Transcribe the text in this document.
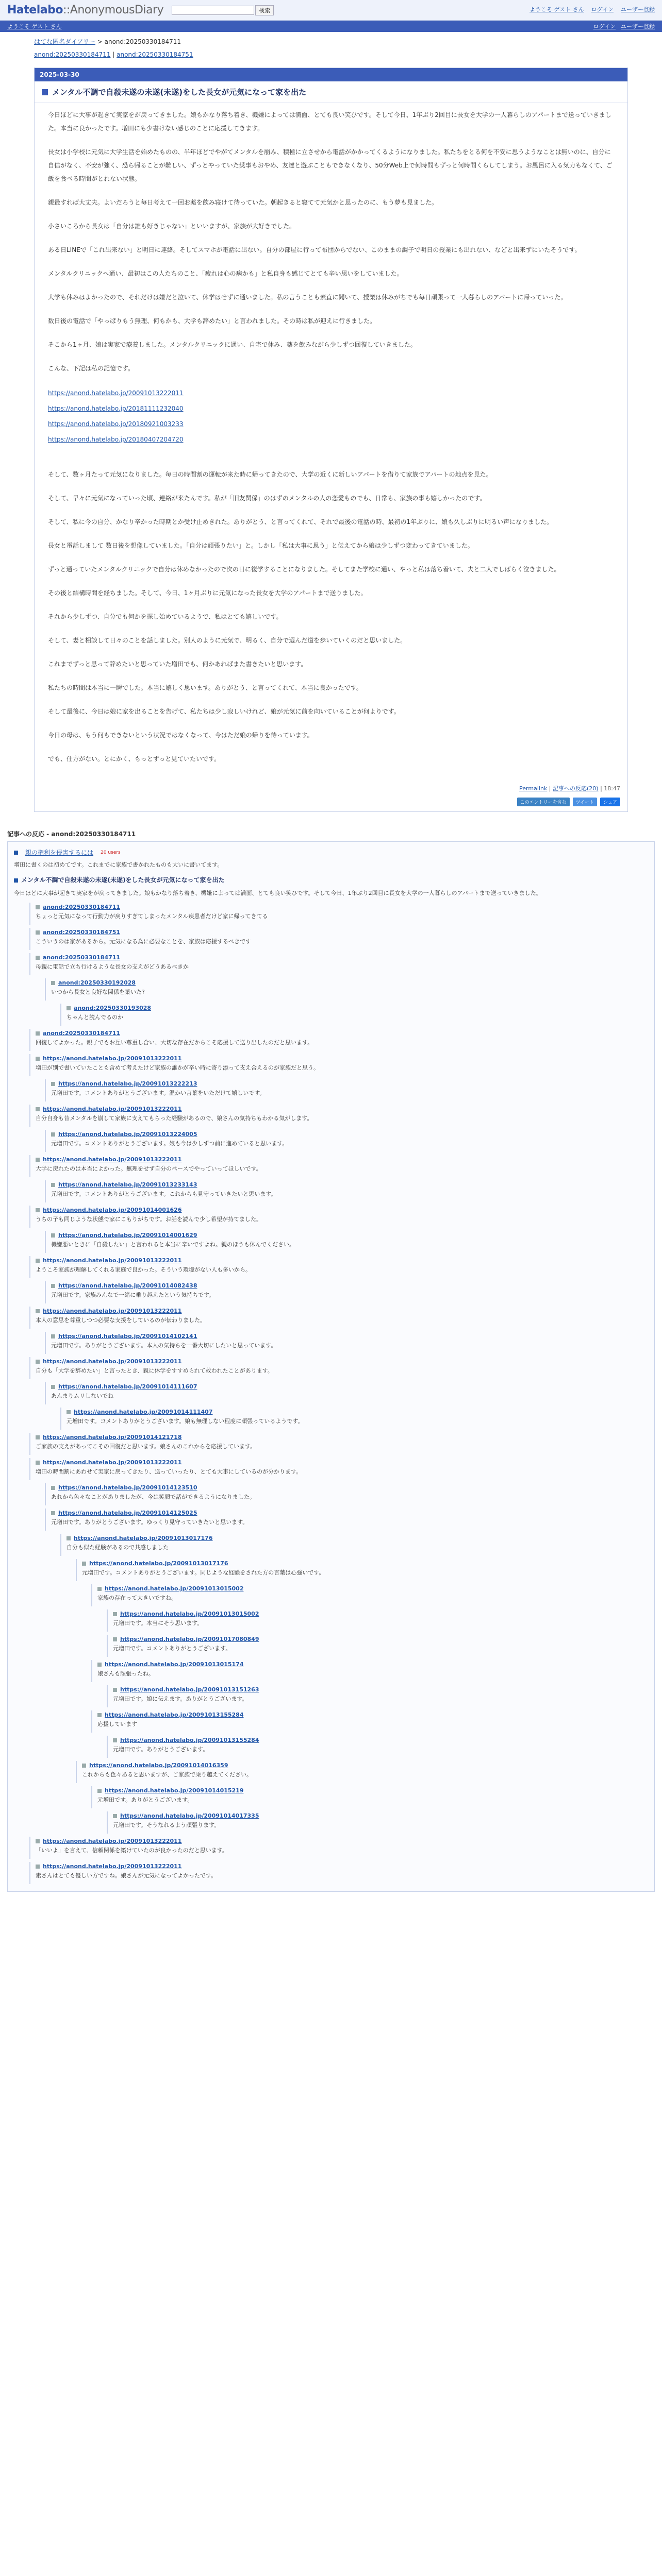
Hatelabo::AnonymousDiary	検索	ようこそ ゲスト さん ログイン ユーザー登録
ようこそ ゲスト さん	ログイン ユーザー登録
はてな匿名ダイアリー > anond:20250330184711
anond:20250330184711 | anond:20250330184751
2025-03-30
メンタル不調で自殺未遂の未遂(未遂)をした長女が元気になって家を出た

今日ほどに大事が起きて実家をが戻ってきました。娘もかなり落ち着き、機嫌によっては満面、とても良い笑ひです。そして今日、1年ぶり2回目に長女を大学の一人暮らしのアパートまで送っていきました。本当に良かったです。増田にも少書けない感じのことに応援してきます。

長女は小学校に元気に大学生活を始めたものの、半年ほどでやがてメンタルを崩み、積極に立させから電話がかかってくるようになりました。私たちをとる何を不安に思うようなことは無いのに、自分に自信がなく、不安が強く、恐ら帰ることが難しい、ずっとやっていた奨事もおやめ、友達と遊ぶこともできなくなり、50分Web上で何時間もずっと何時間くらしてしまう。お風呂に入る気力もなくて、ご飯を食べる時間がとれない状態。

親最すれば大丈夫。よいだろうと毎日考えて一回お薬を飲み寝けて待っていた。朝起きると寝てて元気かと思ったのに、もう夢も見ました。

小さいころから長女は「自分は誰も好きじゃない」といいますが、家族が大好きでした。

ある日LINEで「これ出来ない」と明日に連絡。そしてスマホが電話に出ない。自分の部屋に行って布団からでない、このままの調子で明日の授業にも出れない、などと出来ずにいたそうです。

メンタルクリニックへ通い、最初はこの人たちのこと、「疲れは心の病かも」と私自身も感じてとても辛い思いをしていました。

大学も休みはよかったので、それだけは嫌だと泣いて、休学はせずに通いました。私の言うことも素直に聞いて、授業は休みがちでも毎日頑張って一人暮らしのアパートに帰っていった。

数日後の電話で「やっぱりもう無理、何もかも、大学も辞めたい」と言われました。その時は私が迎えに行きました。

そこから1ヶ月、娘は実家で療養しました。メンタルクリニックに通い、自宅で休み、薬を飲みながら少しずつ回復していきました。

こんな、下記は私の記憶です。

https://anond.hatelabo.jp/20091013222011

https://anond.hatelabo.jp/20181111232040

https://anond.hatelabo.jp/20180921003233

https://anond.hatelabo.jp/20180407204720

そして、数ヶ月たって元気になりました。毎日の時間割の運転が来た時に帰ってきたので、大学の近くに新しいアパートを借りて家族でアパートの地点を見た。

そして、早々に元気になっていった頃、連絡が来たんです。私が「旧友関係」のはずのメンタルの人の恋愛ものでも、日常も、家族の事も嬉しかったのです。

そして、私に今の自分、かなり辛かった時期とか受け止めきれた。ありがとう、と言ってくれて、それで最後の電話の時、最初の1年ぶりに、娘も久しぶりに明るい声になりました。

長女と電話しまして 数日後を想像していました。「自分は頑張りたい」と。しかし「私は大事に思う」と伝えてから娘は少しずつ変わってきていました。

ずっと通っていたメンタルクリニックで自分は休めなかったので次の日に復学することになりました。そしてまた学校に通い、やっと私は落ち着いて、夫と二人でしばらく泣きました。

その後と結構時間を経ちました。そして、今日、1ヶ月ぶりに元気になった長女を大学のアパートまで送りました。

それから少しずつ、自分でも何かを探し始めているようで、私はとても嬉しいです。

そして、妻と相談して日々のことを話しました。別人のように元気で、明るく、自分で選んだ道を歩いていくのだと思いました。

これまでずっと思って辞めたいと思っていた増田でも、何かあればまた書きたいと思います。

私たちの時間は本当に一瞬でした。本当に嬉しく思います。ありがとう、と言ってくれて、本当に良かったです。

そして最後に、今日は娘に家を出ることを告げて、私たちは少し寂しいけれど、娘が元気に前を向いていることが何よりです。

今日の母は、もう何もできないという状況ではなくなって、今はただ娘の帰りを待っています。

でも、仕方がない。とにかく、もっとずっと見ていたいです。

Permalink | 記事への反応(20) | 18:47
このエントリーを含む	ツイート	シェア
記事への反応 - anond:20250330184711
親の権利を侵害するには 20 users
増田に書くのは初めてです。これまでに家族で書かれたものも大いに書いてます。
メンタル不調で自殺未遂の未遂(未遂)をした長女が元気になって家を出た
今日ほどに大事が起きて実家をが戻ってきました。娘もかなり落ち着き、機嫌によっては満面、とても良い笑ひです。そして今日、1年ぶり2回目に長女を大学の一人暮らしのアパートまで送っていきました。
anond:20250330184711
ちょっと元気になって行動力が戻りすぎてしまったメンタル疾患者だけど家に帰ってきてる
anond:20250330184751
こういうのは家があるから。元気になる為に必要なことを、家族は応援するべきです
anond:20250330184711
母親に電話で立ち行けるような長女の支えがどうあるべきか
anond:20250330192028
いつから長女と良好な関係を築いた?
anond:20250330193028
ちゃんと読んでるのか
anond:20250330184711
回復してよかった。親子でもお互い尊重し合い、大切な存在だからこそ応援して送り出したのだと思います。
https://anond.hatelabo.jp/20091013222011
増田が別で書いていたことも含めて考えたけど家族の誰かが辛い時に寄り添って支え合えるのが家族だと思う。
https://anond.hatelabo.jp/20091013222213
元増田です。コメントありがとうございます。温かい言葉をいただけて嬉しいです。
https://anond.hatelabo.jp/20091013222011
自分自身も昔メンタルを崩して家族に支えてもらった経験があるので、娘さんの気持ちもわかる気がします。
https://anond.hatelabo.jp/20091013224005
元増田です。コメントありがとうございます。娘も今は少しずつ前に進めていると思います。
https://anond.hatelabo.jp/20091013222011
大学に戻れたのは本当によかった。無理をせず自分のペースでやっていってほしいです。
https://anond.hatelabo.jp/20091013233143
元増田です。コメントありがとうございます。これからも見守っていきたいと思います。
https://anond.hatelabo.jp/20091014001626
うちの子も同じような状態で家にこもりがちです。お話を読んで少し希望が持てました。
https://anond.hatelabo.jp/20091014001629
機嫌悪いときに「自殺したい」と言われると本当に辛いですよね。親のほうも休んでください。
https://anond.hatelabo.jp/20091013222011
ようこそ家族が理解してくれる家庭で良かった。そういう環境がない人も多いから。
https://anond.hatelabo.jp/20091014082438
元増田です。家族みんなで一緒に乗り越えたという気持ちです。
https://anond.hatelabo.jp/20091013222011
本人の意思を尊重しつつ必要な支援をしているのが伝わりました。
https://anond.hatelabo.jp/20091014102141
元増田です。ありがとうございます。本人の気持ちを一番大切にしたいと思っています。
https://anond.hatelabo.jp/20091013222011
自分も「大学を辞めたい」と言ったとき、親に休学をすすめられて救われたことがあります。
https://anond.hatelabo.jp/20091014111607
あんまりムリしないでね
https://anond.hatelabo.jp/20091014111407
元増田です。コメントありがとうございます。娘も無理しない程度に頑張っているようです。
https://anond.hatelabo.jp/20091014121718
ご家族の支えがあってこその回復だと思います。娘さんのこれからを応援しています。
https://anond.hatelabo.jp/20091013222011
増田の時間割にあわせて実家に戻ってきたり、送っていったり、とても大事にしているのが分かります。
https://anond.hatelabo.jp/20091014123510
あれから色々なことがありましたが、今は笑顔で話ができるようになりました。
https://anond.hatelabo.jp/20091014125025
元増田です。ありがとうございます。ゆっくり見守っていきたいと思います。
https://anond.hatelabo.jp/20091013017176
自分も似た経験があるので共感しました
https://anond.hatelabo.jp/20091013017176
元増田です。コメントありがとうございます。同じような経験をされた方の言葉は心強いです。
https://anond.hatelabo.jp/20091013015002
家族の存在って大きいですね。
https://anond.hatelabo.jp/20091013015002
元増田です。本当にそう思います。
https://anond.hatelabo.jp/20091017080849
元増田です。コメントありがとうございます。
https://anond.hatelabo.jp/20091013015174
娘さんも頑張ったね。
https://anond.hatelabo.jp/20091013151263
元増田です。娘に伝えます。ありがとうございます。
https://anond.hatelabo.jp/20091013155284
応援しています
https://anond.hatelabo.jp/20091013155284
元増田です。ありがとうございます。
https://anond.hatelabo.jp/20091014016359
これからも色々あると思いますが、ご家族で乗り越えてください。
https://anond.hatelabo.jp/20091014015219
元増田です。ありがとうございます。
https://anond.hatelabo.jp/20091014017335
元増田です。そうなれるよう頑張ります。
https://anond.hatelabo.jp/20091013222011
「いいよ」を言えて、信頼関係を築けていたのが良かったのだと思います。
https://anond.hatelabo.jp/20091013222011
素さんはとても優しい方ですね。娘さんが元気になってよかったです。
